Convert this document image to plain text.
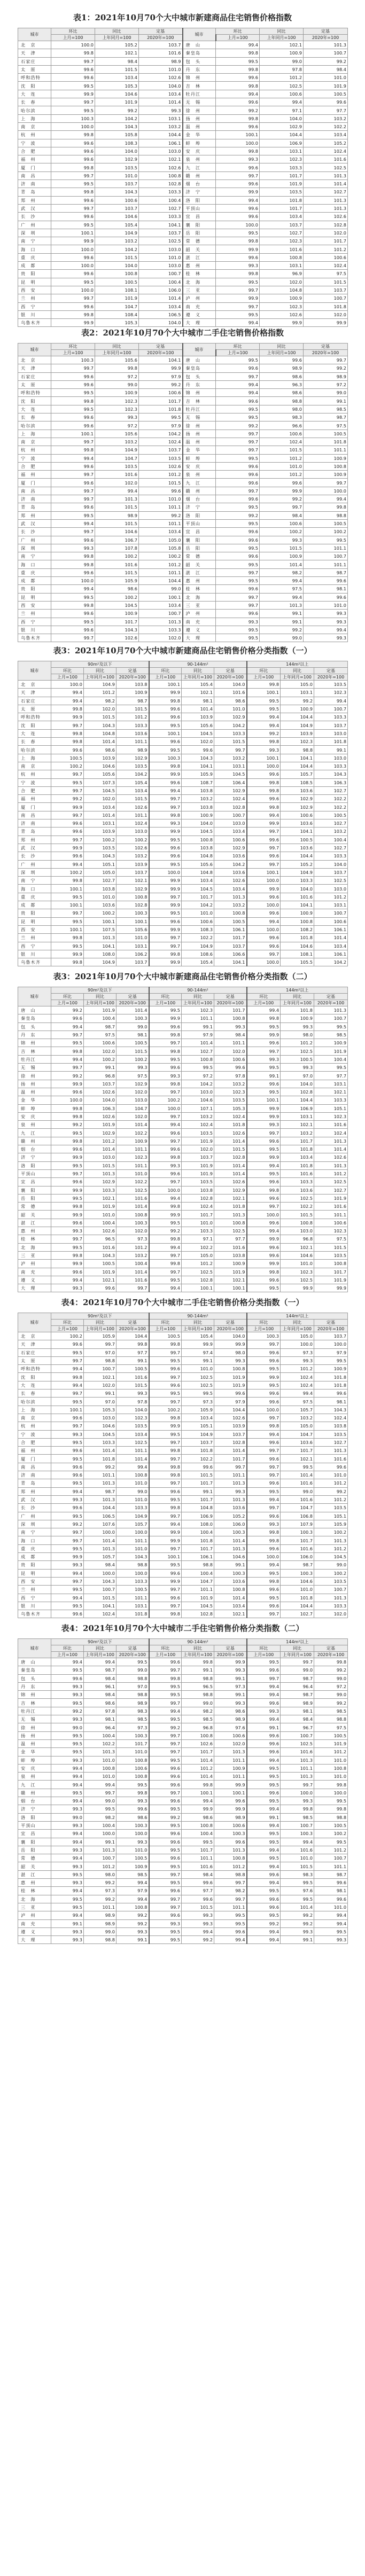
表1：2021年10月70个大中城市新建商品住宅销售价格指数
城市	环比	同比	定基	城市	环比	同比	定基
	上月=100	上年同月=100	2020年=100		上月=100	上年同月=100	2020年=100
北　京	100.0	105.2	103.7	唐　山	99.4	102.1	101.3
天　津	99.8	102.1	101.6	秦皇岛	99.8	100.9	100.7
石家庄	99.7	98.4	98.9	包　头	99.5	99.0	99.2
太　原	99.6	101.5	101.0	丹　东	99.8	97.8	98.4
呼和浩特	99.6	103.4	102.6	锦　州	99.6	101.2	101.0
沈　阳	99.5	105.3	104.0	吉　林	99.8	102.5	101.9
大　连	99.9	104.6	103.4	牡丹江	99.4	100.6	100.5
长　春	99.7	101.9	101.4	无　锡	99.6	99.4	99.6
哈尔滨	99.5	99.2	99.3	徐　州	99.2	97.1	97.7
上　海	100.3	104.2	103.1	扬　州	99.8	104.0	103.2
南　京	100.0	104.3	103.2	温　州	99.6	102.9	102.2
杭　州	99.8	105.8	104.4	金　华	100.1	104.4	103.4
宁　波	99.6	108.3	106.1	蚌　埠	100.0	106.9	105.2
合　肥	99.6	104.0	103.0	安　庆	99.8	103.1	102.4
福　州	99.6	102.9	102.1	泉　州	99.3	102.3	101.6
厦　门	99.8	103.5	102.6	九　江	99.6	103.3	102.5
南　昌	99.7	101.0	100.8	赣　州	99.7	101.7	101.3
济　南	99.5	103.7	102.8	烟　台	99.6	101.9	101.4
青　岛	99.8	104.3	103.3	济　宁	99.9	103.5	102.7
郑　州	99.6	100.6	100.4	洛　阳	99.4	101.8	101.3
武　汉	99.7	103.7	102.7	平顶山	99.6	101.7	101.3
长　沙	99.6	104.6	103.3	宜　昌	99.6	103.4	102.6
广　州	99.5	105.4	104.1	襄　阳	100.0	103.7	102.8
深　圳	100.1	104.9	103.7	岳　阳	99.5	102.7	102.0
南　宁	99.9	103.2	102.5	常　德	99.8	102.3	101.7
海　口	100.0	104.2	103.0	韶　关	99.9	101.6	101.2
重　庆	99.6	101.5	101.0	湛　江	99.6	100.8	100.6
成　都	100.0	104.0	103.0	惠　州	99.3	103.1	102.4
贵　阳	99.6	100.8	100.7	桂　林	99.8	96.9	97.5
昆　明	99.5	100.5	100.4	北　海	99.5	102.0	101.5
西　安	100.0	108.1	106.0	三　亚	99.7	104.8	103.7
兰　州	99.7	101.9	101.4	泸　州	99.9	100.9	100.7
西　宁	99.6	104.7	103.4	南　充	99.7	102.3	101.8
银　川	99.8	108.4	106.5	遵　义	99.5	102.6	102.0
乌鲁木齐	99.9	105.3	104.0	大　理	99.4	99.9	99.9
表2：2021年10月70个大中城市二手住宅销售价格指数
城市	环比	同比	定基	城市	环比	同比	定基
	上月=100	上年同月=100	2020年=100		上月=100	上年同月=100	2020年=100
北　京	100.3	105.6	104.1	唐　山	99.5	99.6	99.7
天　津	99.7	99.8	99.9	秦皇岛	99.6	98.9	99.2
石家庄	99.6	97.2	97.9	包　头	99.7	98.6	98.9
太　原	99.6	99.0	99.2	丹　东	99.4	96.3	97.2
呼和浩特	99.5	100.9	100.6	锦　州	99.4	98.6	99.0
沈　阳	99.8	102.3	101.7	吉　林	99.6	98.8	99.1
大　连	99.5	102.3	101.8	牡丹江	99.5	98.0	98.5
长　春	99.6	99.3	99.5	无　锡	99.5	98.3	98.7
哈尔滨	99.6	97.2	97.9	徐　州	99.2	96.6	97.5
上　海	100.1	105.6	104.2	扬　州	99.7	100.6	100.5
南　京	99.7	103.2	102.4	温　州	99.7	102.4	101.8
杭　州	99.8	104.9	103.7	金　华	99.7	101.5	101.1
宁　波	99.4	104.7	103.5	蚌　埠	99.5	101.2	100.9
合　肥	99.6	103.5	102.6	安　庆	99.6	101.0	100.8
福　州	99.7	101.6	101.2	泉　州	99.6	101.2	100.9
厦　门	99.6	102.0	101.5	九　江	99.6	99.6	99.7
南　昌	99.7	99.4	99.6	赣　州	99.7	99.9	100.0
济　南	99.7	101.3	101.0	烟　台	99.6	99.2	99.4
青　岛	99.6	101.5	101.1	济　宁	99.5	99.7	99.8
郑　州	99.5	98.9	99.2	洛　阳	99.2	98.4	98.8
武　汉	99.4	101.5	101.1	平顶山	99.5	100.6	100.5
长　沙	99.7	104.6	103.4	宜　昌	99.6	100.2	100.2
广　州	99.6	106.7	105.0	襄　阳	99.6	99.3	99.5
深　圳	99.3	107.8	105.8	岳　阳	99.5	101.5	101.1
南　宁	99.8	100.2	100.2	常　德	99.6	100.9	100.7
海　口	99.8	101.6	101.2	韶　关	99.5	101.4	101.1
重　庆	99.6	101.5	101.1	湛　江	99.7	98.2	98.7
成　都	100.0	105.9	104.4	惠　州	99.5	99.4	99.6
贵　阳	99.4	98.6	99.0	桂　林	99.6	97.5	98.1
昆　明	99.5	100.2	100.1	北　海	99.7	99.4	99.6
西　安	99.8	104.5	103.4	三　亚	99.7	101.3	101.0
兰　州	99.6	100.9	100.7	泸　州	99.6	99.1	99.3
西　宁	99.5	101.7	101.3	南　充	99.3	99.1	99.3
银　川	99.6	104.3	103.3	遵　义	99.5	99.2	99.4
乌鲁木齐	99.7	102.6	102.0	大　理	99.5	99.0	99.3
表3：2021年10月70个大中城市新建商品住宅销售价格分类指数（一）
城市	90m²及以下			90-144m²			144m²以上		
	环比	同比	定基	环比	同比	定基	环比	同比	定基
	上月=100	上年同月=100	2020年=100	上月=100	上年同月=100	2020年=100	上月=100	上年同月=100	2020年=100
北　京	100.0	104.9	103.8	100.1	105.4	104.0	99.8	105.0	103.5
天　津	99.4	101.2	100.9	99.9	102.1	101.6	100.1	103.1	102.3
石家庄	99.4	98.2	98.7	99.8	98.1	98.6	99.5	99.2	99.4
太　原	99.8	102.0	101.5	99.6	101.4	101.0	99.5	100.9	100.7
呼和浩特	99.9	101.5	101.2	99.6	103.9	102.9	99.4	104.4	103.3
沈　阳	99.7	104.3	103.3	99.5	105.6	104.2	99.4	104.9	103.7
大　连	99.8	104.8	103.6	100.1	104.5	103.3	99.2	103.9	103.0
长　春	99.8	101.4	101.1	99.6	102.0	101.5	99.8	102.3	101.8
哈尔滨	99.6	98.6	98.9	99.5	99.6	99.7	99.3	98.8	99.1
上　海	100.5	103.9	102.9	100.3	104.3	103.2	100.1	104.1	103.0
南　京	100.2	104.6	103.5	99.8	104.1	103.1	100.0	104.4	103.3
杭　州	99.7	105.6	104.2	99.9	105.9	104.5	99.6	105.7	104.3
宁　波	99.5	107.3	105.4	99.6	108.7	106.4	99.8	108.5	106.3
合　肥	99.7	104.5	103.4	99.4	103.8	102.9	99.8	103.6	102.7
福　州	99.2	102.0	101.5	99.7	103.2	102.4	99.6	102.9	102.2
厦　门	99.9	103.4	102.6	99.7	103.8	102.8	99.8	102.9	102.2
南　昌	99.7	101.4	101.1	99.8	100.9	100.7	99.4	100.6	100.5
济　南	99.6	103.1	102.4	99.3	104.0	103.0	99.9	103.6	102.7
青　岛	99.6	103.9	103.0	99.9	104.5	103.4	99.7	104.1	103.2
郑　州	99.7	100.2	100.2	99.5	100.8	100.6	99.6	100.5	100.4
武　汉	99.9	103.5	102.6	99.6	103.8	102.9	99.7	103.6	102.7
长　沙	99.6	104.3	103.2	99.6	104.8	103.6	99.6	104.4	103.3
广　州	99.4	105.1	103.9	99.5	105.6	104.2	99.7	105.2	104.0
深　圳	100.2	105.0	103.7	100.0	104.8	103.6	100.1	104.9	103.7
南　宁	99.8	102.7	102.1	99.9	103.4	102.6	100.0	103.3	102.5
海　口	100.1	103.8	102.9	99.9	104.5	103.4	99.9	104.0	103.0
重　庆	99.5	101.0	100.8	99.7	101.7	101.3	99.6	101.6	101.2
成　都	100.1	103.6	102.8	99.9	104.2	103.2	100.0	104.1	103.1
贵　阳	99.7	100.2	100.3	99.5	101.0	100.8	99.6	100.9	100.7
昆　明	99.5	100.1	100.1	99.6	100.6	100.5	99.4	100.8	100.6
西　安	100.1	107.5	105.6	99.9	108.3	106.1	100.0	108.2	106.1
兰　州	99.8	101.3	101.0	99.7	102.2	101.7	99.6	101.8	101.4
西　宁	99.5	104.1	103.1	99.7	104.9	103.7	99.6	104.6	103.4
银　川	99.9	108.0	106.2	99.8	108.6	106.6	99.7	108.1	106.1
乌鲁木齐	99.8	104.9	103.7	99.9	105.4	104.1	100.0	105.5	104.2
表3：2021年10月70个大中城市新建商品住宅销售价格分类指数（二）
城市	90m²及以下			90-144m²			144m²以上		
	环比	同比	定基	环比	同比	定基	环比	同比	定基
	上月=100	上年同月=100	2020年=100	上月=100	上年同月=100	2020年=100	上月=100	上年同月=100	2020年=100
唐　山	99.2	101.9	101.4	99.5	102.3	101.7	99.4	101.8	101.3
秦皇岛	99.6	100.4	100.3	99.9	101.1	100.8	99.8	100.9	100.7
包　头	99.4	98.7	99.0	99.6	99.1	99.3	99.5	99.3	99.5
丹　东	99.7	97.5	98.1	99.8	97.9	98.4	99.9	98.0	98.5
锦　州	99.5	100.6	100.5	99.7	101.4	101.1	99.6	101.2	100.9
吉　林	99.8	102.0	101.5	99.8	102.7	102.0	99.7	102.5	101.9
牡丹江	99.4	100.2	100.2	99.5	100.8	100.6	99.3	100.5	100.4
无　锡	99.7	99.1	99.3	99.6	99.5	99.6	99.5	99.3	99.5
徐　州	99.2	96.8	97.5	99.3	97.2	97.8	99.1	97.0	97.7
扬　州	99.9	103.7	102.9	99.8	104.2	103.2	99.6	104.0	103.1
温　州	99.6	102.6	102.0	99.7	103.0	102.3	99.5	102.8	102.1
金　华	100.0	104.0	103.0	100.2	104.6	103.5	100.1	104.4	103.3
蚌　埠	99.8	106.3	104.7	100.0	107.1	105.3	99.9	106.9	105.1
安　庆	99.8	102.6	102.0	99.7	103.2	102.4	99.9	103.1	102.3
泉　州	99.2	101.9	101.4	99.4	102.4	101.8	99.3	102.1	101.6
九　江	99.5	102.9	102.2	99.6	103.5	102.6	99.7	103.2	102.4
赣　州	99.8	101.2	100.9	99.7	101.9	101.4	99.6	101.7	101.3
烟　台	99.6	101.4	101.1	99.6	102.0	101.5	99.5	101.8	101.4
济　宁	99.9	103.0	102.3	99.8	103.7	102.8	99.9	103.4	102.6
洛　阳	99.5	101.5	101.1	99.3	101.9	101.4	99.4	101.8	101.3
平顶山	99.7	101.3	101.0	99.6	101.9	101.4	99.5	101.6	101.2
宜　昌	99.6	102.9	102.2	99.7	103.5	102.6	99.6	103.3	102.5
襄　阳	99.9	103.3	102.5	100.0	103.8	102.9	99.8	103.6	102.7
岳　阳	99.5	102.1	101.6	99.4	102.8	102.1	99.6	102.5	101.9
常　德	99.8	101.9	101.4	99.8	102.4	101.8	99.7	102.2	101.6
韶　关	99.9	101.0	100.8	99.9	101.7	101.3	100.0	101.5	101.1
湛　江	99.6	100.4	100.3	99.5	101.0	100.8	99.6	100.8	100.6
惠　州	99.3	102.6	102.0	99.2	103.3	102.5	99.4	103.0	102.3
桂　林	99.7	96.5	97.3	99.8	97.1	97.7	99.9	96.8	97.5
北　海	99.5	101.6	101.2	99.4	102.2	101.6	99.6	102.1	101.5
三　亚	99.8	104.3	103.2	99.7	105.0	103.8	99.6	104.6	103.5
泸　州	99.9	100.5	100.4	99.8	101.2	100.9	99.9	101.0	100.8
南　充	99.6	101.9	101.4	99.7	102.5	101.9	99.8	102.3	101.7
遵　义	99.4	102.1	101.6	99.5	102.8	102.1	99.6	102.5	101.9
大　理	99.3	99.6	99.7	99.4	100.1	100.1	99.5	99.9	99.9
表4：2021年10月70个大中城市二手住宅销售价格分类指数（一）
城市	90m²及以下			90-144m²			144m²以上		
	环比	同比	定基	环比	同比	定基	环比	同比	定基
	上月=100	上年同月=100	2020年=100	上月=100	上年同月=100	2020年=100	上月=100	上年同月=100	2020年=100
北　京	100.2	105.9	104.4	100.5	105.4	104.0	100.3	105.0	103.7
天　津	99.6	99.7	99.8	99.8	99.9	99.9	99.7	100.0	100.0
石家庄	99.5	97.0	97.7	99.7	97.4	98.0	99.6	97.3	97.9
太　原	99.7	98.8	99.1	99.5	99.1	99.3	99.6	99.3	99.5
呼和浩特	99.4	100.7	100.5	99.6	101.0	100.8	99.5	101.2	100.9
沈　阳	99.8	102.1	101.6	99.7	102.5	101.9	99.9	102.4	101.8
大　连	99.4	102.0	101.5	99.6	102.5	101.9	99.5	102.4	101.8
长　春	99.7	99.1	99.3	99.5	99.5	99.6	99.6	99.4	99.6
哈尔滨	99.5	97.0	97.8	99.7	97.3	97.9	99.6	97.5	98.1
上　海	100.1	105.3	104.0	100.2	105.9	104.4	100.0	105.7	104.3
南　京	99.6	103.0	102.3	99.8	103.4	102.6	99.7	103.2	102.4
杭　州	99.7	104.6	103.5	99.9	105.1	103.9	99.8	105.0	103.8
宁　波	99.3	104.5	103.4	99.5	104.9	103.7	99.4	104.7	103.5
合　肥	99.5	103.3	102.5	99.7	103.7	102.8	99.6	103.6	102.7
福　州	99.6	101.4	101.1	99.8	101.8	101.4	99.7	101.7	101.3
厦　门	99.5	101.8	101.4	99.7	102.2	101.7	99.6	102.1	101.6
南　昌	99.6	99.2	99.4	99.8	99.6	99.7	99.7	99.5	99.6
济　南	99.6	101.1	100.8	99.8	101.5	101.1	99.7	101.4	101.0
青　岛	99.5	101.3	101.0	99.7	101.7	101.3	99.6	101.6	101.2
郑　州	99.4	98.7	99.0	99.6	99.1	99.3	99.5	99.0	99.2
武　汉	99.3	101.3	101.0	99.5	101.7	101.3	99.4	101.6	101.2
长　沙	99.6	104.4	103.3	99.8	104.8	103.6	99.7	104.7	103.5
广　州	99.5	106.5	104.9	99.7	106.9	105.2	99.6	106.8	105.1
深　圳	99.2	107.6	105.7	99.4	108.0	106.0	99.3	107.9	105.9
南　宁	99.7	100.0	100.0	99.9	100.4	100.3	99.8	100.3	100.2
海　口	99.7	101.4	101.1	99.9	101.8	101.4	99.8	101.7	101.3
重　庆	99.5	101.3	101.0	99.7	101.7	101.3	99.6	101.6	101.2
成　都	99.9	105.7	104.3	100.1	106.1	104.6	100.0	106.0	104.5
贵　阳	99.3	98.4	98.8	99.5	98.8	99.1	99.4	98.7	99.0
昆　明	99.4	100.0	100.0	99.6	100.4	100.3	99.5	100.3	100.2
西　安	99.7	104.3	103.3	99.9	104.7	103.6	99.8	104.6	103.5
兰　州	99.5	100.7	100.5	99.7	101.1	100.8	99.6	101.0	100.7
西　宁	99.4	101.5	101.1	99.6	101.9	101.4	99.5	101.8	101.3
银　川	99.5	104.1	103.1	99.7	104.5	103.4	99.6	104.4	103.3
乌鲁木齐	99.6	102.4	101.8	99.8	102.8	102.1	99.7	102.7	102.0
表4：2021年10月70个大中城市二手住宅销售价格分类指数（二）
城市	90m²及以下			90-144m²			144m²以上		
	环比	同比	定基	环比	同比	定基	环比	同比	定基
	上月=100	上年同月=100	2020年=100	上月=100	上年同月=100	2020年=100	上月=100	上年同月=100	2020年=100
唐　山	99.4	99.4	99.5	99.6	99.8	99.9	99.5	99.7	99.8
秦皇岛	99.5	98.7	99.0	99.7	99.1	99.3	99.6	99.0	99.2
包　头	99.6	98.4	98.8	99.8	98.8	99.1	99.7	98.7	99.0
丹　东	99.3	96.1	97.0	99.5	96.5	97.3	99.4	96.4	97.2
锦　州	99.3	98.4	98.8	99.5	98.8	99.1	99.4	98.7	99.0
吉　林	99.5	98.6	98.9	99.7	99.0	99.3	99.6	98.9	99.2
牡丹江	99.2	97.8	98.3	99.4	98.2	98.6	99.3	98.1	98.5
无　锡	99.3	98.1	98.5	99.5	98.5	98.9	99.4	98.4	98.8
徐　州	99.0	96.4	97.3	99.2	96.8	97.6	99.1	96.7	97.5
扬　州	99.5	100.4	100.3	99.7	100.8	100.6	99.6	100.7	100.5
温　州	99.5	102.2	101.7	99.7	102.6	102.0	99.6	102.5	101.9
金　华	99.5	101.3	101.0	99.7	101.7	101.3	99.6	101.6	101.2
蚌　埠	99.3	101.0	100.8	99.5	101.4	101.1	99.4	101.3	101.0
安　庆	99.4	100.8	100.6	99.6	101.2	100.9	99.5	101.1	100.8
泉　州	99.4	101.0	100.8	99.6	101.4	101.1	99.5	101.3	101.0
九　江	99.4	99.4	99.5	99.6	99.8	99.9	99.5	99.7	99.8
赣　州	99.5	99.7	99.8	99.7	100.1	100.1	99.6	100.0	100.0
烟　台	99.4	99.0	99.3	99.6	99.4	99.6	99.5	99.3	99.5
济　宁	99.3	99.5	99.6	99.5	99.9	99.9	99.4	99.8	99.8
洛　阳	99.0	98.2	98.6	99.2	98.6	98.9	99.1	98.5	98.8
平顶山	99.3	100.4	100.3	99.5	100.8	100.6	99.4	100.7	100.5
宜　昌	99.4	100.0	100.0	99.6	100.4	100.3	99.5	100.3	100.2
襄　阳	99.4	99.1	99.3	99.6	99.5	99.6	99.5	99.4	99.5
岳　阳	99.3	101.3	101.0	99.5	101.7	101.3	99.4	101.6	101.2
常　德	99.4	100.7	100.5	99.6	101.1	100.8	99.5	101.0	100.7
韶　关	99.3	101.2	100.9	99.5	101.6	101.2	99.4	101.5	101.1
湛　江	99.5	98.0	98.5	99.7	98.4	98.8	99.6	98.3	98.7
惠　州	99.3	99.2	99.4	99.5	99.6	99.7	99.4	99.5	99.6
桂　林	99.4	97.3	97.9	99.6	97.7	98.2	99.5	97.6	98.1
北　海	99.5	99.2	99.4	99.7	99.6	99.7	99.6	99.5	99.6
三　亚	99.5	101.1	100.8	99.7	101.5	101.1	99.6	101.4	101.0
泸　州	99.4	98.9	99.2	99.6	99.3	99.5	99.5	99.2	99.4
南　充	99.1	98.9	99.2	99.3	99.3	99.5	99.2	99.2	99.4
遵　义	99.3	99.0	99.3	99.5	99.4	99.6	99.4	99.3	99.5
大　理	99.3	98.8	99.1	99.5	99.2	99.4	99.4	99.1	99.3
